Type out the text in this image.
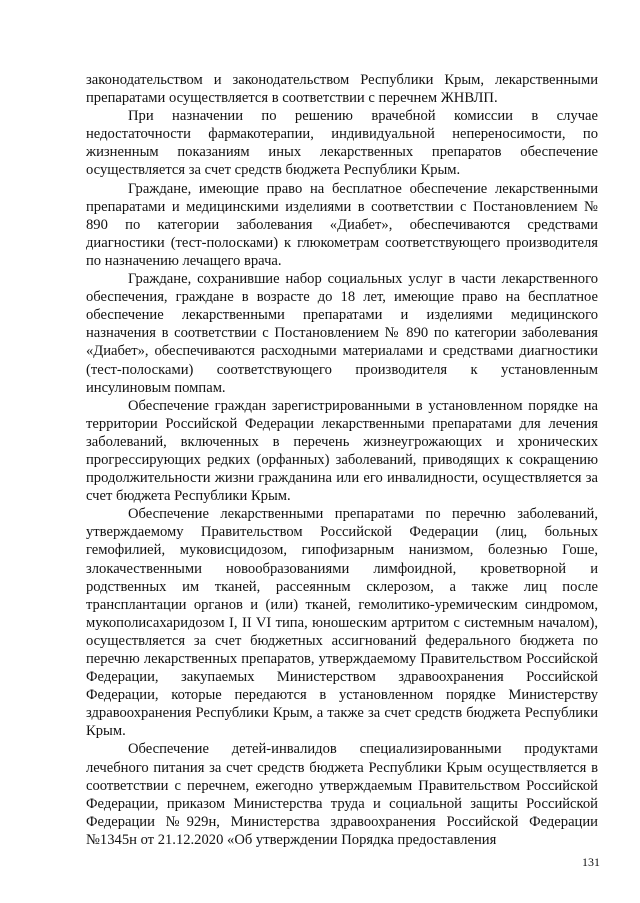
законодательством и законодательством Республики Крым, лекарственными препаратами осуществляется в соответствии с перечнем ЖНВЛП.

При назначении по решению врачебной комиссии в случае недостаточности фармакотерапии, индивидуальной непереносимости, по жизненным показаниям иных лекарственных препаратов обеспечение осуществляется за счет средств бюджета Республики Крым.

Граждане, имеющие право на бесплатное обеспечение лекарственными препаратами и медицинскими изделиями в соответствии с Постановлением № 890 по категории заболевания «Диабет», обеспечиваются средствами диагностики (тест-полосками) к глюкометрам соответствующего производителя по назначению лечащего врача.

Граждане, сохранившие набор социальных услуг в части лекарственного обеспечения, граждане в возрасте до 18 лет, имеющие право на бесплатное обеспечение лекарственными препаратами и изделиями медицинского назначения в соответствии с Постановлением № 890 по категории заболевания «Диабет», обеспечиваются расходными материалами и средствами диагностики (тест-полосками) соответствующего производителя к установленным инсулиновым помпам.

Обеспечение граждан зарегистрированными в установленном порядке на территории Российской Федерации лекарственными препаратами для лечения заболеваний, включенных в перечень жизнеугрожающих и хронических прогрессирующих редких (орфанных) заболеваний, приводящих к сокращению продолжительности жизни гражданина или его инвалидности, осуществляется за счет бюджета Республики Крым.

Обеспечение лекарственными препаратами по перечню заболеваний, утверждаемому Правительством Российской Федерации (лиц, больных гемофилией, муковисцидозом, гипофизарным нанизмом, болезнью Гоше, злокачественными новообразованиями лимфоидной, кроветворной и родственных им тканей, рассеянным склерозом, а также лиц после трансплантации органов и (или) тканей, гемолитико-уремическим синдромом, мукополисахаридозом I, II VI типа, юношеским артритом с системным началом), осуществляется за счет бюджетных ассигнований федерального бюджета по перечню лекарственных препаратов, утверждаемому Правительством Российской Федерации, закупаемых Министерством здравоохранения Российской Федерации, которые передаются в установленном порядке Министерству здравоохранения Республики Крым, а также за счет средств бюджета Республики Крым.

Обеспечение детей-инвалидов специализированными продуктами лечебного питания за счет средств бюджета Республики Крым осуществляется в соответствии с перечнем, ежегодно утверждаемым Правительством Российской Федерации, приказом Министерства труда и социальной защиты Российской Федерации №929н, Министерства здравоохранения Российской Федерации №1345н от 21.12.2020 «Об утверждении Порядка предоставления

131
